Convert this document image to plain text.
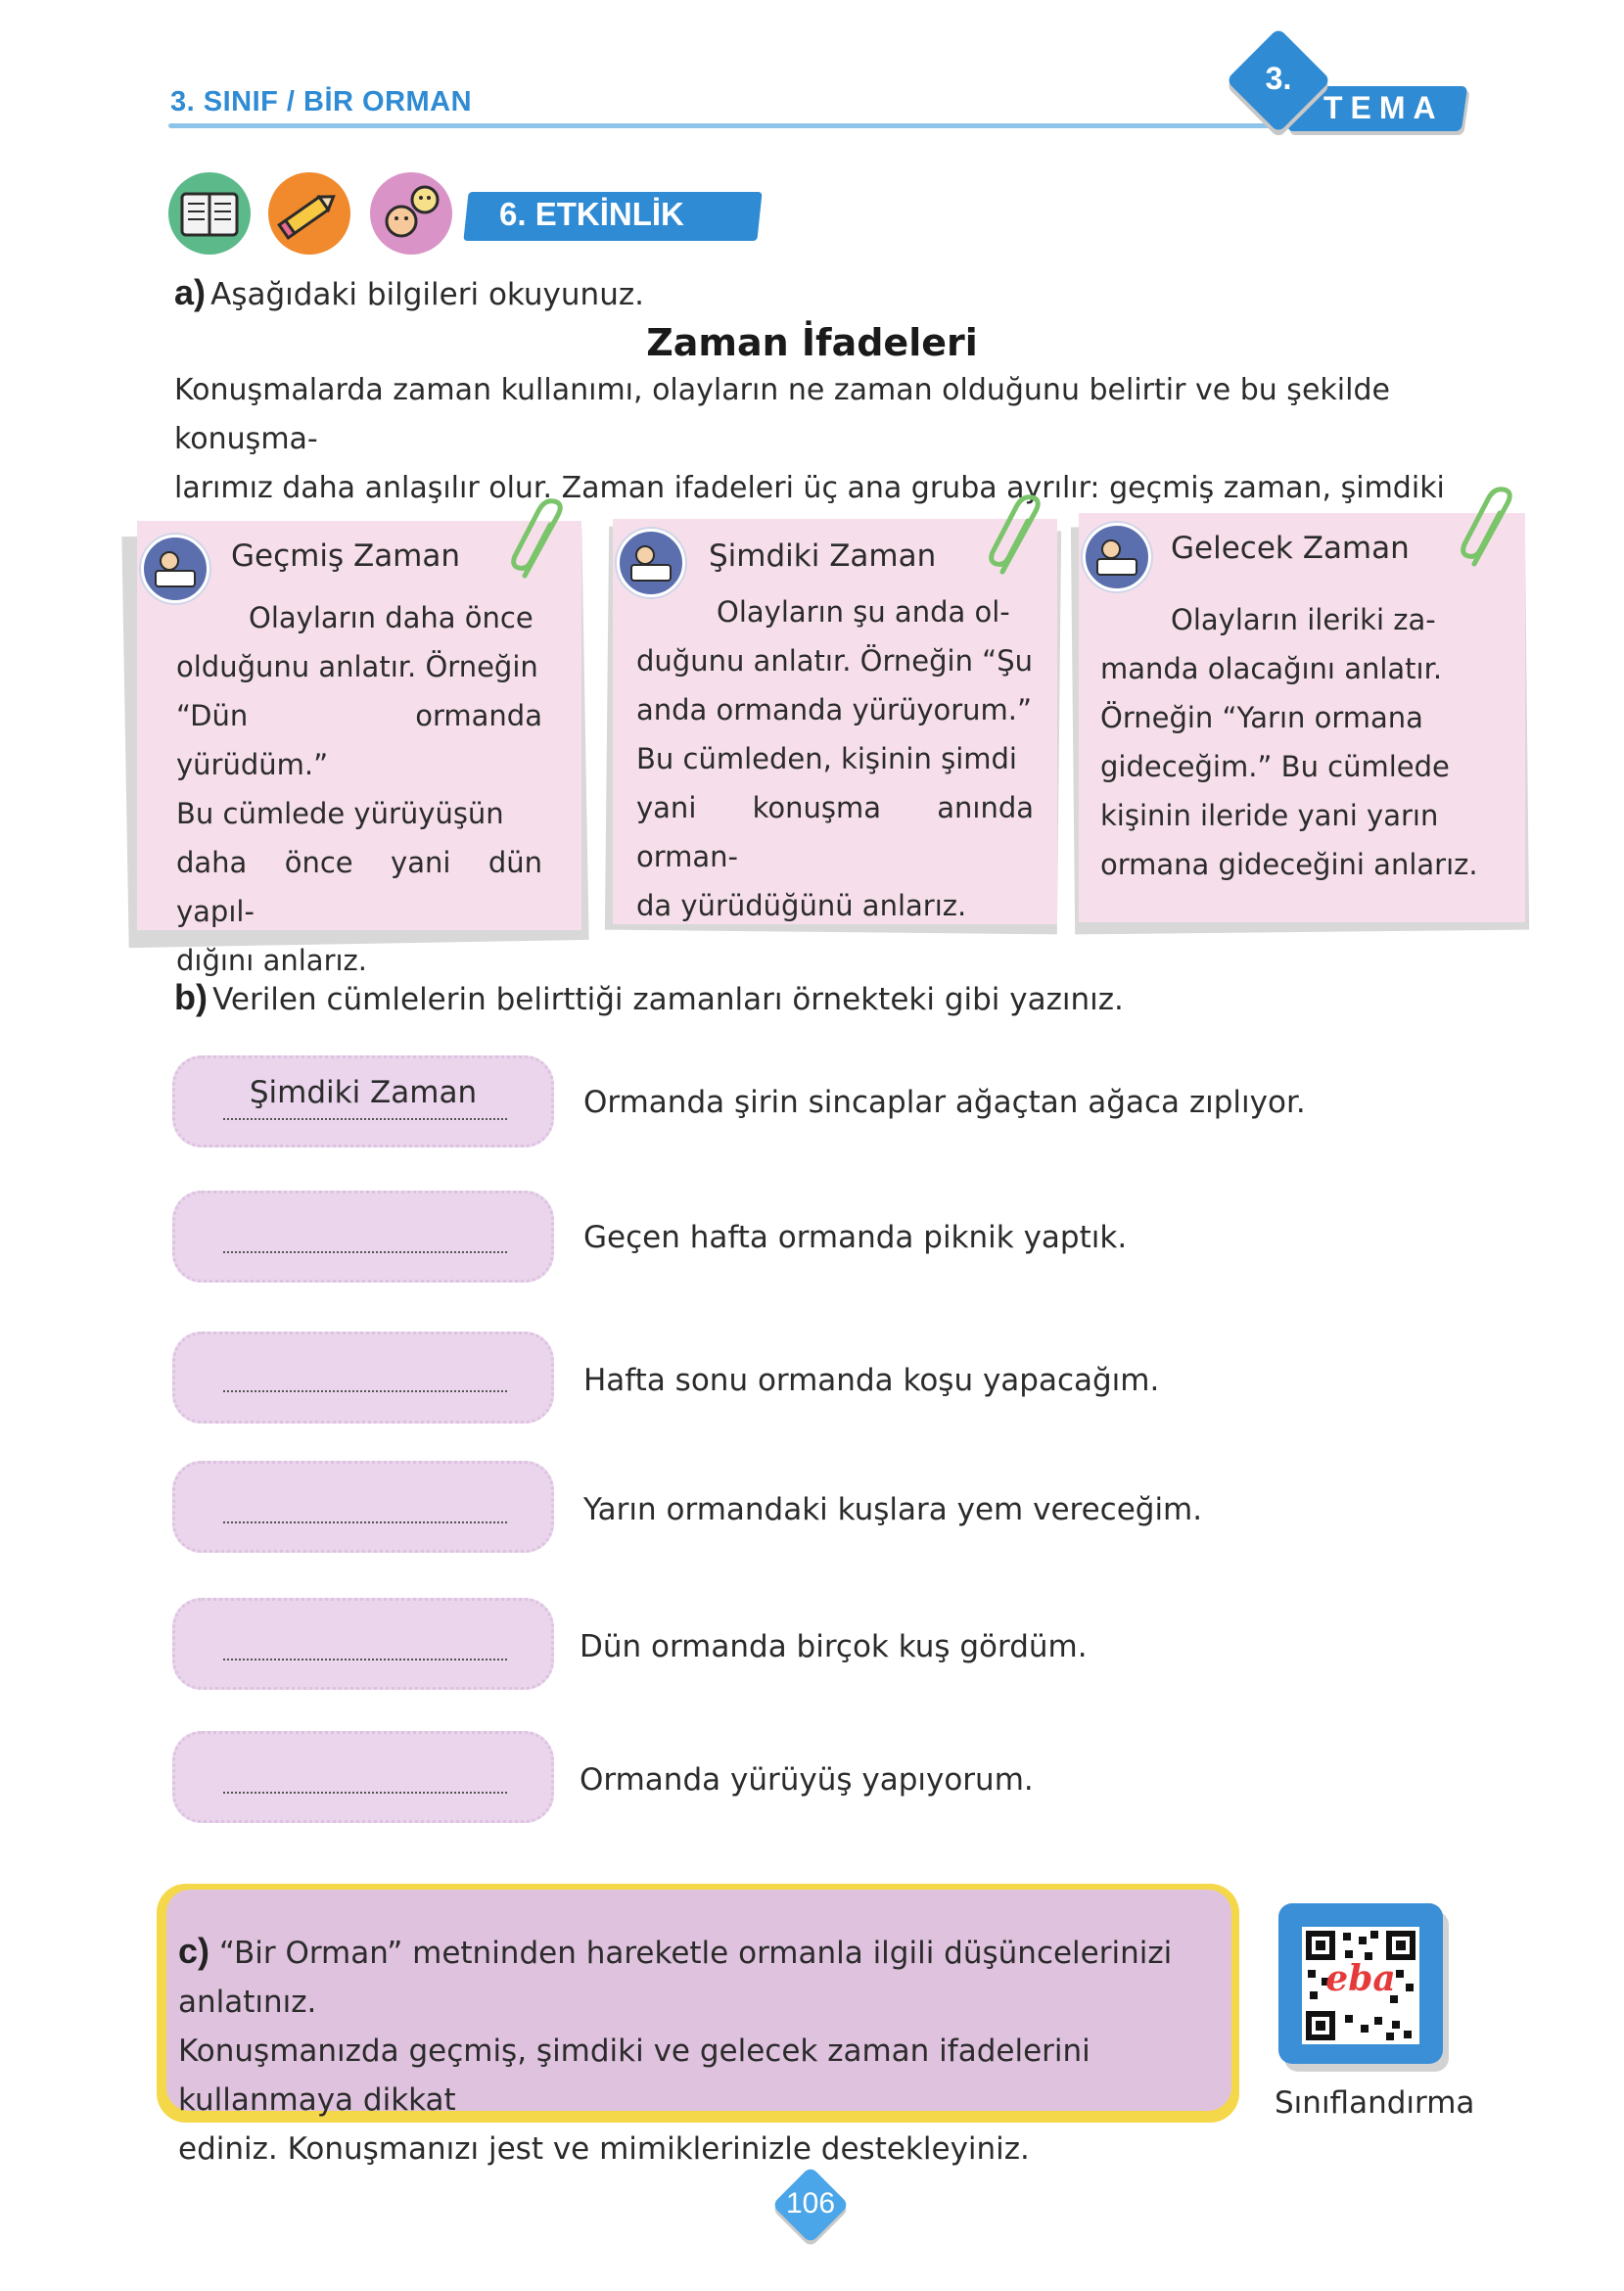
3. SINIF / BİR ORMAN	TEMA
3.
6. ETKİNLİK
a) Aşağıdaki bilgileri okuyunuz.
Zaman İfadeleri
Konuşmalarda zaman kullanımı, olayların ne zaman olduğunu belirtir ve bu şekilde konuşma-
larımız daha anlaşılır olur. Zaman ifadeleri üç ana gruba ayrılır: geçmiş zaman, şimdiki
Geçmiş Zaman
Olayların daha önce
olduğunu anlatır. Örneğin
“Dün ormanda yürüdüm.”
Bu cümlede yürüyüşün
daha önce yani dün yapıl-
dığını anlarız.
Şimdiki Zaman
Olayların şu anda ol-
duğunu anlatır. Örneğin “Şu
anda ormanda yürüyorum.”
Bu cümleden, kişinin şimdi
yani konuşma anında orman-
da yürüdüğünü anlarız.
Gelecek Zaman
Olayların ileriki za-
manda olacağını anlatır.
Örneğin “Yarın ormana
gideceğim.” Bu cümlede
kişinin ileride yani yarın
ormana gideceğini anlarız.
b) Verilen cümlelerin belirttiği zamanları örnekteki gibi yazınız.
Şimdiki Zaman	Ormanda şirin sincaplar ağaçtan ağaca zıplıyor.
Geçen hafta ormanda piknik yaptık.
Hafta sonu ormanda koşu yapacağım.
Yarın ormandaki kuşlara yem vereceğim.
Dün ormanda birçok kuş gördüm.
Ormanda yürüyüş yapıyorum.
c) “Bir Orman” metninden hareketle ormanla ilgili düşüncelerinizi anlatınız.
Konuşmanızda geçmiş, şimdiki ve gelecek zaman ifadelerini kullanmaya dikkat
ediniz. Konuşmanızı jest ve mimiklerinizle destekleyiniz.
eba
Sınıflandırma
106
